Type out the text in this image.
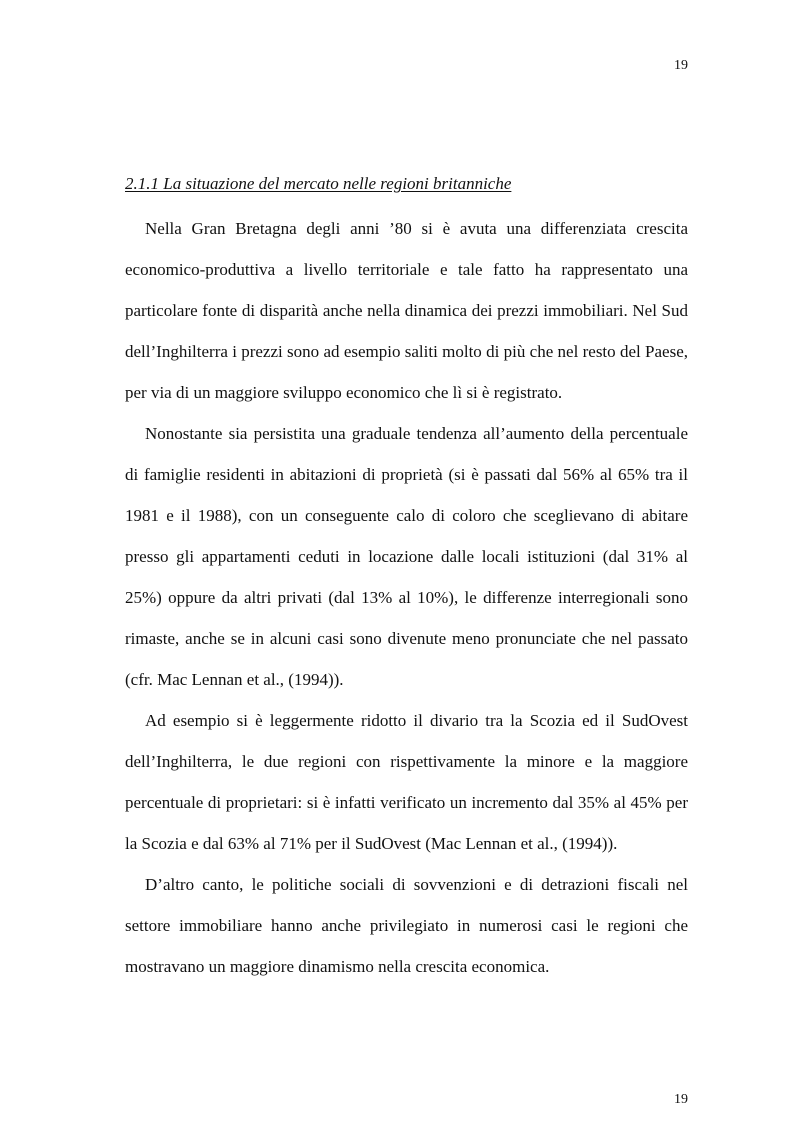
19
2.1.1 La situazione del mercato nelle regioni britanniche

Nella Gran Bretagna degli anni ’80 si è avuta una differenziata crescita economico-produttiva a livello territoriale e tale fatto ha rappresentato una particolare fonte di disparità anche nella dinamica dei prezzi immobiliari. Nel Sud dell’Inghilterra i prezzi sono ad esempio saliti molto di più che nel resto del Paese, per via di un maggiore sviluppo economico che lì si è registrato.

Nonostante sia persistita una graduale tendenza all’aumento della percentuale di famiglie residenti in abitazioni di proprietà (si è passati dal 56% al 65% tra il 1981 e il 1988), con un conseguente calo di coloro che sceglievano di abitare presso gli appartamenti ceduti in locazione dalle locali istituzioni (dal 31% al 25%) oppure da altri privati (dal 13% al 10%), le differenze interregionali sono rimaste, anche se in alcuni casi sono divenute meno pronunciate che nel passato (cfr. Mac Lennan et al., (1994)).

Ad esempio si è leggermente ridotto il divario tra la Scozia ed il SudOvest dell’Inghilterra, le due regioni con rispettivamente la minore e la maggiore percentuale di proprietari: si è infatti verificato un incremento dal 35% al 45% per la Scozia e dal 63% al 71% per il SudOvest (Mac Lennan et al., (1994)).

D’altro canto, le politiche sociali di sovvenzioni e di detrazioni fiscali nel settore immobiliare hanno anche privilegiato in numerosi casi le regioni che mostravano un maggiore dinamismo nella crescita economica.

19
